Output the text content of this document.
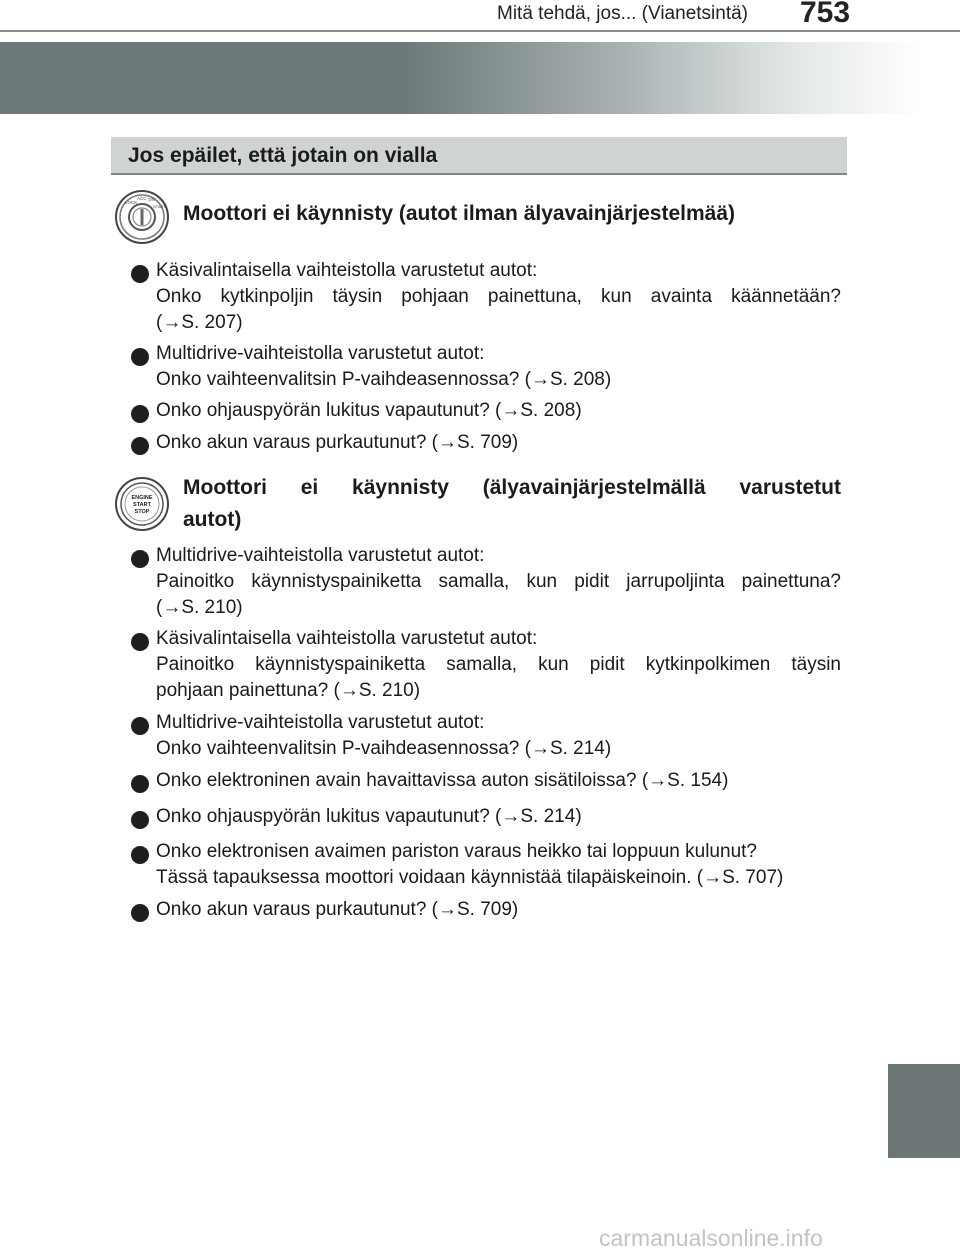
Mitä tehdä, jos... (Vianetsintä) 753
Jos epäilet, että jotain on vialla
LOCK
ACC ON
START Moottori ei käynnisty (autot ilman älyavainjärjestelmää)
Käsivalintaisella vaihteistolla varustetut autot:
Onko kytkinpoljin täysin pohjaan painettuna, kun avainta käännetään?
(→S. 207)
Multidrive-vaihteistolla varustetut autot:
Onko vaihteenvalitsin P-vaihdeasennossa? (→S. 208)
Onko ohjauspyörän lukitus vapautunut? (→S. 208)
Onko akun varaus purkautunut? (→S. 709)
ENGINE
START
STOP
Moottori ei käynnisty (älyavainjärjestelmällä varustetut
autot)
Multidrive-vaihteistolla varustetut autot:
Painoitko käynnistyspainiketta samalla, kun pidit jarrupoljinta painettuna?
(→S. 210)
Käsivalintaisella vaihteistolla varustetut autot:
Painoitko käynnistyspainiketta samalla, kun pidit kytkinpolkimen täysin
pohjaan painettuna? (→S. 210)
Multidrive-vaihteistolla varustetut autot:
Onko vaihteenvalitsin P-vaihdeasennossa? (→S. 214)
Onko elektroninen avain havaittavissa auton sisätiloissa? (→S. 154)
Onko ohjauspyörän lukitus vapautunut? (→S. 214)
Onko elektronisen avaimen pariston varaus heikko tai loppuun kulunut?
Tässä tapauksessa moottori voidaan käynnistää tilapäiskeinoin. (→S. 707)
Onko akun varaus purkautunut? (→S. 709)
carmanualsonline.info
